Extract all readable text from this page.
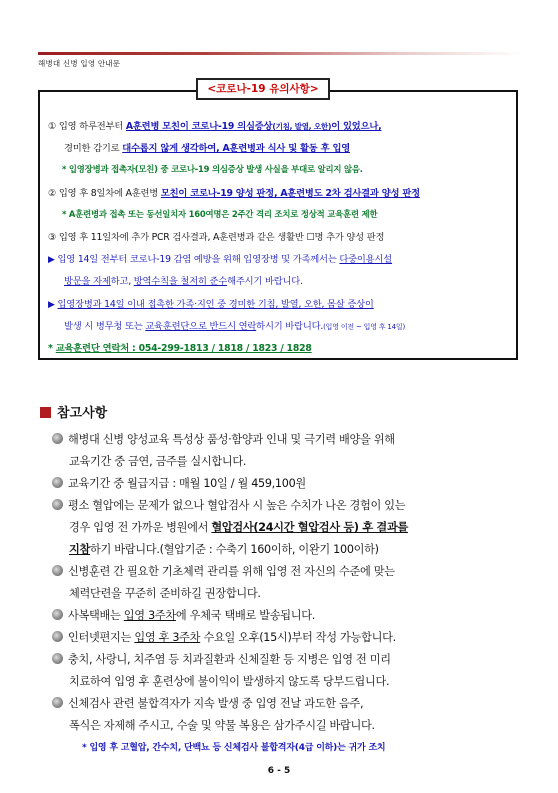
해병대 신병 입영 안내문
<코로나-19 유의사항>
① 입영 하루전부터 A훈련병 모친이 코로나-19 의심증상(기침, 발열, 오한)이 있었으나,
경미한 감기로 대수롭지 않게 생각하여, A훈련병과 식사 및 활동 후 입영
* 입영장병과 접촉자(모친) 중 코로나-19 의심증상 발생 사실을 부대로 알리지 않음.
② 입영 후 8일차에 A훈련병 모친이 코로나-19 양성 판정, A훈련병도 2차 검사결과 양성 판정
* A훈련병과 접촉 또는 동선일치자 160여명은 2주간 격리 조치로 정상적 교육훈련 제한
③ 입영 후 11일차에 추가 PCR 검사결과, A훈련병과 같은 생활반 ☐명 추가 양성 판정
▶ 입영 14일 전부터 코로나-19 감염 예방을 위해 입영장병 및 가족께서는 다중이용시설
방문을 자제하고, 방역수칙을 철저히 준수해주시기 바랍니다.
▶ 입영장병과 14일 이내 접촉한 가족·지인 중 경미한 기침, 발열, 오한, 몸살 증상이
발생 시 병무청 또는 교육훈련단으로 반드시 연락하시기 바랍니다.(입영 이전 ~ 입영 후 14일)
* 교육훈련단 연락처 : 054-299-1813 / 1818 / 1823 / 1828
참고사항
해병대 신병 양성교육 특성상 품성·함양과 인내 및 극기력 배양을 위해
교육기간 중 금연, 금주를 실시합니다.
교육기간 중 월급지급 : 매월 10일 / 월 459,100원
평소 혈압에는 문제가 없으나 혈압검사 시 높은 수치가 나온 경험이 있는
경우 입영 전 가까운 병원에서 혈압검사(24시간 혈압검사 등) 후 결과를
지참하기 바랍니다.(혈압기준 : 수축기 160이하, 이완기 100이하)
신병훈련 간 필요한 기초체력 관리를 위해 입영 전 자신의 수준에 맞는
체력단련을 꾸준히 준비하길 권장합니다.
사복택배는 입영 3주차에 우체국 택배로 발송됩니다.
인터넷편지는 입영 후 3주차 수요일 오후(15시)부터 작성 가능합니다.
충치, 사랑니, 치주염 등 치과질환과 신체질환 등 지병은 입영 전 미리
치료하여 입영 후 훈련상에 불이익이 발생하지 않도록 당부드립니다.
신체검사 관련 불합격자가 지속 발생 중 입영 전날 과도한 음주,
폭식은 자제해 주시고, 수술 및 약물 복용은 삼가주시길 바랍니다.
* 입영 후 고혈압, 간수치, 단백뇨 등 신체검사 불합격자(4급 이하)는 귀가 조치
6 - 5
